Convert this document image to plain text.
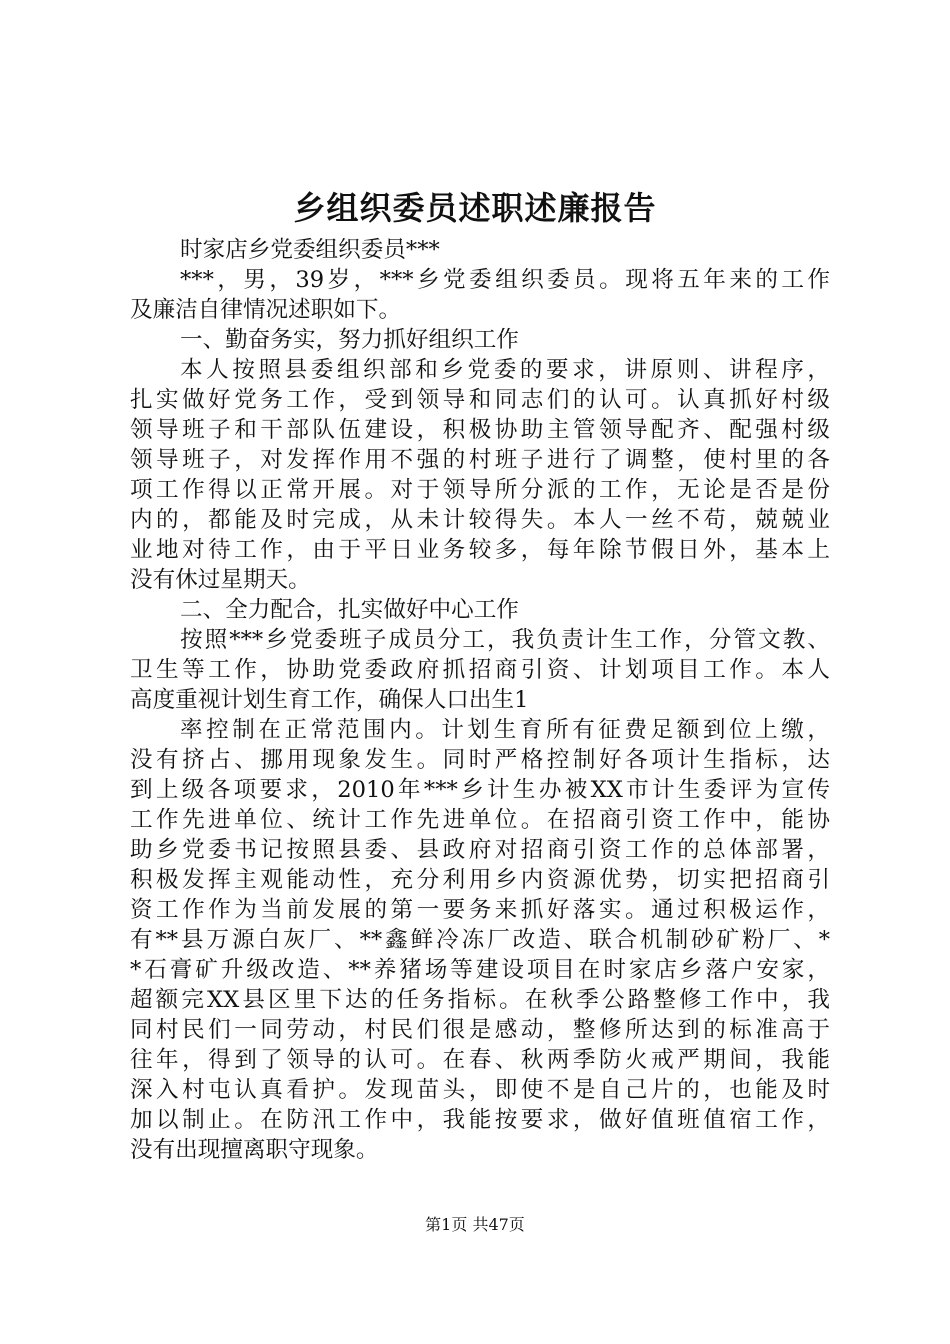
乡组织委员述职述廉报告
时家店乡党委组织委员***
***，男，39岁，***乡党委组织委员。现将五年来的工作
及廉洁自律情况述职如下。
一、勤奋务实，努力抓好组织工作
本人按照县委组织部和乡党委的要求，讲原则、讲程序，
扎实做好党务工作，受到领导和同志们的认可。认真抓好村级
领导班子和干部队伍建设，积极协助主管领导配齐、配强村级
领导班子，对发挥作用不强的村班子进行了调整，使村里的各
项工作得以正常开展。对于领导所分派的工作，无论是否是份
内的，都能及时完成，从未计较得失。本人一丝不苟，兢兢业
业地对待工作，由于平日业务较多，每年除节假日外，基本上
没有休过星期天。
二、全力配合，扎实做好中心工作
按照***乡党委班子成员分工，我负责计生工作，分管文教、
卫生等工作，协助党委政府抓招商引资、计划项目工作。本人
高度重视计划生育工作，确保人口出生1
率控制在正常范围内。计划生育所有征费足额到位上缴，
没有挤占、挪用现象发生。同时严格控制好各项计生指标，达
到上级各项要求，2010年***乡计生办被XX市计生委评为宣传
工作先进单位、统计工作先进单位。在招商引资工作中，能协
助乡党委书记按照县委、县政府对招商引资工作的总体部署，
积极发挥主观能动性，充分利用乡内资源优势，切实把招商引
资工作作为当前发展的第一要务来抓好落实。通过积极运作，
有**县万源白灰厂、**鑫鲜冷冻厂改造、联合机制砂矿粉厂、*
*石膏矿升级改造、**养猪场等建设项目在时家店乡落户安家，
超额完XX县区里下达的任务指标。在秋季公路整修工作中，我
同村民们一同劳动，村民们很是感动，整修所达到的标准高于
往年，得到了领导的认可。在春、秋两季防火戒严期间，我能
深入村屯认真看护。发现苗头，即使不是自己片的，也能及时
加以制止。在防汛工作中，我能按要求，做好值班值宿工作，
没有出现擅离职守现象。
第1页 共47页
